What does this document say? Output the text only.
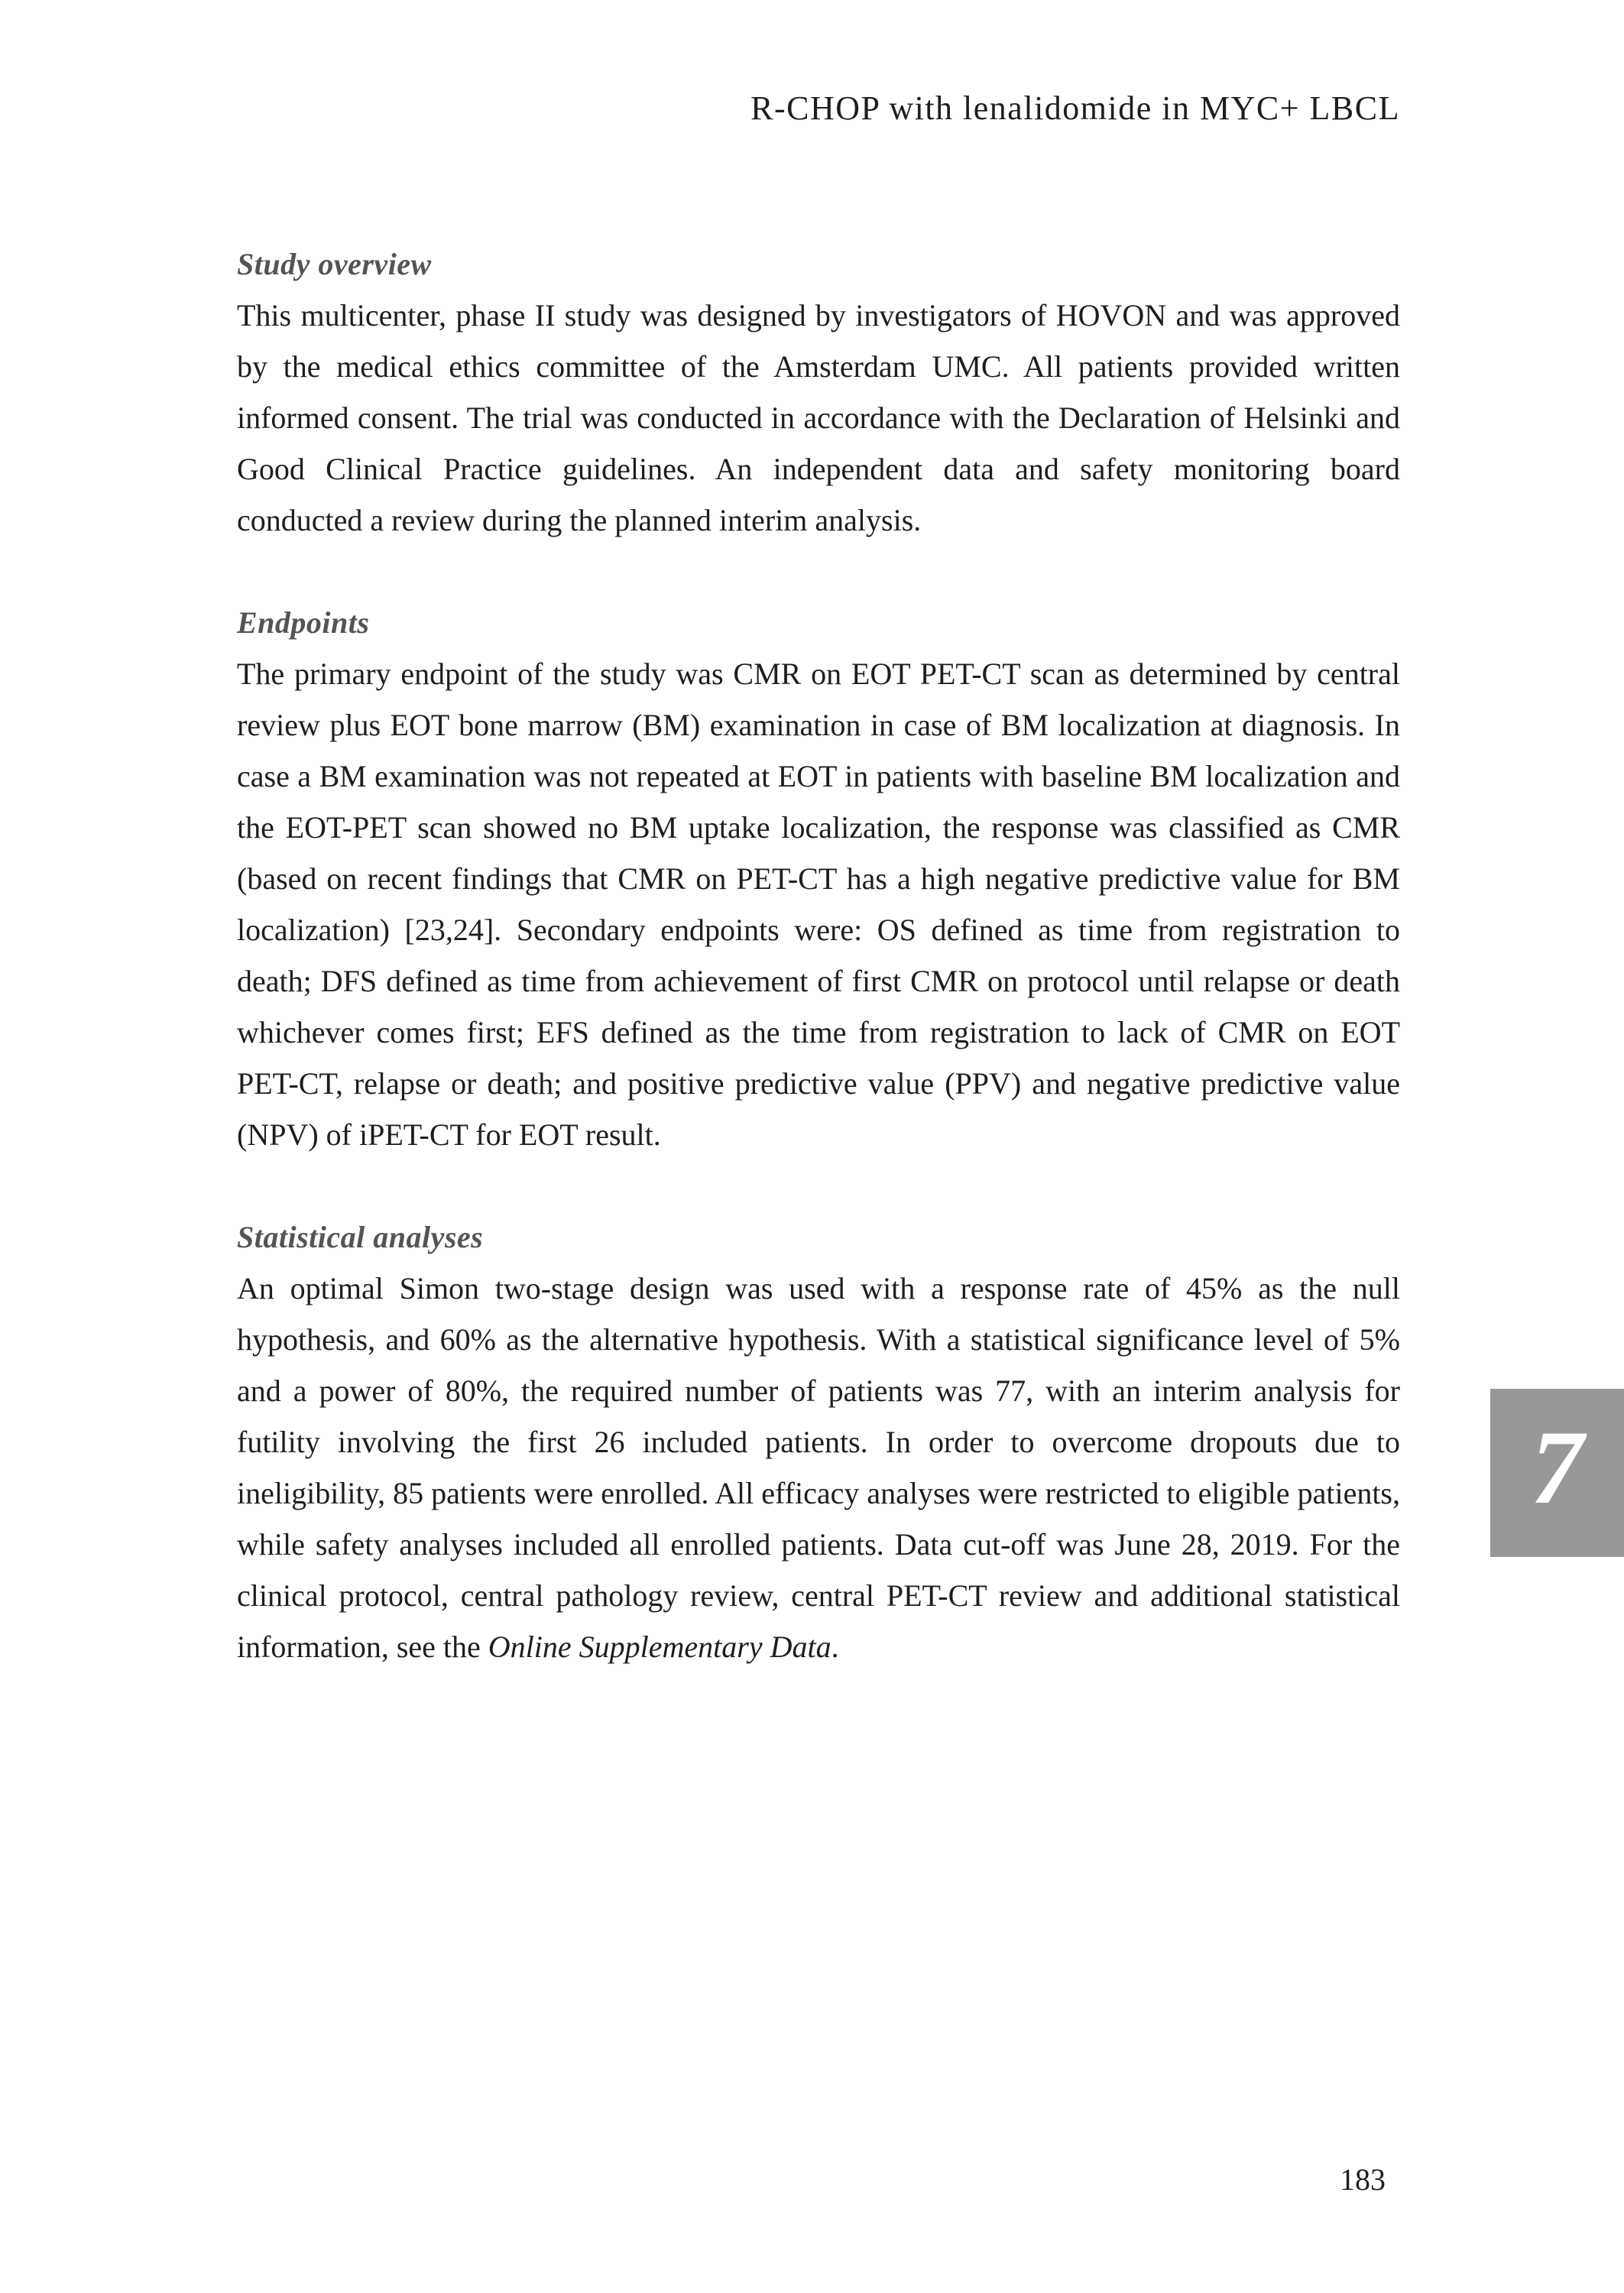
R-CHOP with lenalidomide in MYC+ LBCL
Study overview

This multicenter, phase II study was designed by investigators of HOVON and was approved by the medical ethics committee of the Amsterdam UMC. All patients provided written informed consent. The trial was conducted in accordance with the Declaration of Helsinki and Good Clinical Practice guidelines. An independent data and safety monitoring board conducted a review during the planned interim analysis.

Endpoints

The primary endpoint of the study was CMR on EOT PET-CT scan as determined by central review plus EOT bone marrow (BM) examination in case of BM localization at diagnosis. In case a BM examination was not repeated at EOT in patients with baseline BM localization and the EOT-PET scan showed no BM uptake localization, the response was classified as CMR (based on recent findings that CMR on PET-CT has a high negative predictive value for BM localization) [23,24]. Secondary endpoints were: OS defined as time from registration to death; DFS defined as time from achievement of first CMR on protocol until relapse or death whichever comes first; EFS defined as the time from registration to lack of CMR on EOT PET-CT, relapse or death; and positive predictive value (PPV) and negative predictive value (NPV) of iPET-CT for EOT result.

Statistical analyses

An optimal Simon two-stage design was used with a response rate of 45% as the null hypothesis, and 60% as the alternative hypothesis. With a statistical significance level of 5% and a power of 80%, the required number of patients was 77, with an interim analysis for futility involving the first 26 included patients. In order to overcome dropouts due to ineligibility, 85 patients were enrolled. All efficacy analyses were restricted to eligible patients, while safety analyses included all enrolled patients. Data cut-off was June 28, 2019. For the clinical protocol, central pathology review, central PET-CT review and additional statistical information, see the Online Supplementary Data.

7
183
